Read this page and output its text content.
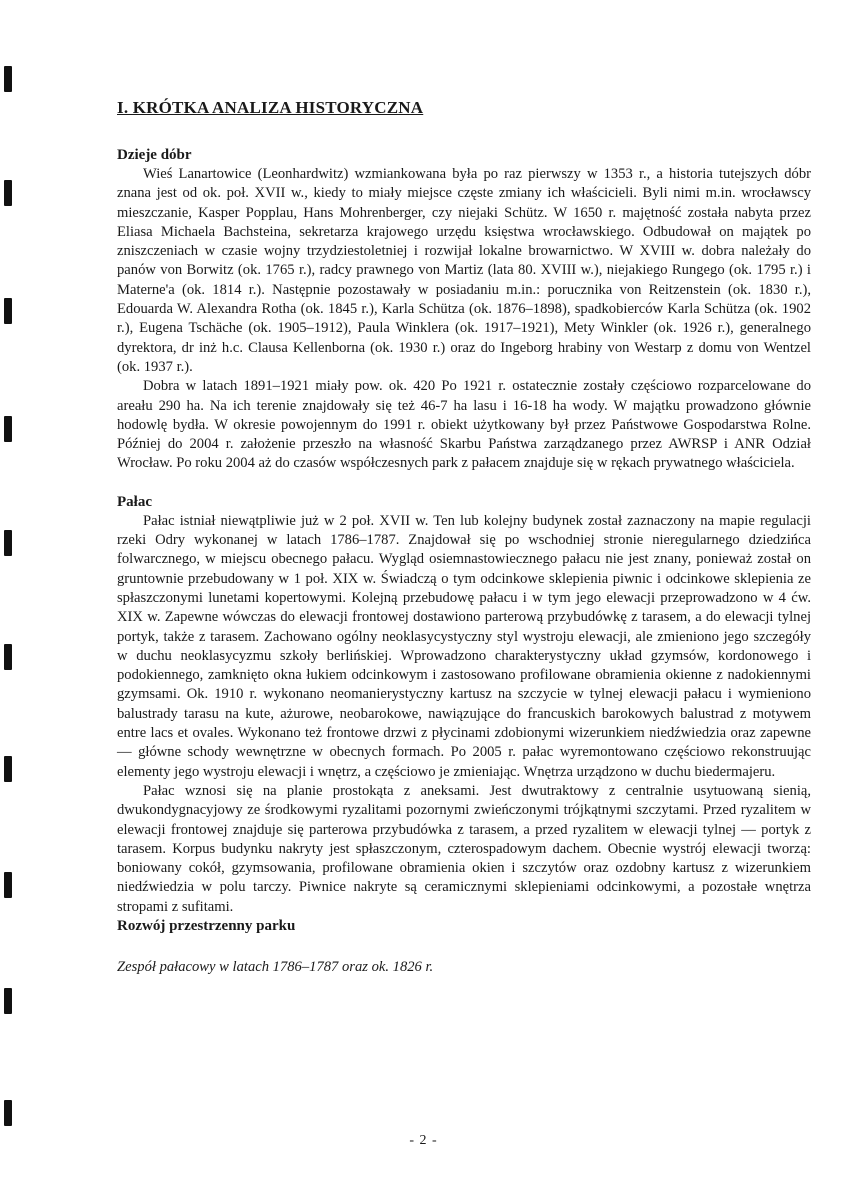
I. KRÓTKA ANALIZA HISTORYCZNA
Dzieje dóbr

Wieś Lanartowice (Leonhardwitz) wzmiankowana była po raz pierwszy w 1353 r., a historia tutejszych dóbr znana jest od ok. poł. XVII w., kiedy to miały miejsce częste zmiany ich właścicieli. Byli nimi m.in. wrocławscy mieszczanie, Kasper Popplau, Hans Mohrenberger, czy niejaki Schütz. W 1650 r. majętność została nabyta przez Eliasa Michaela Bachsteina, sekretarza krajowego urzędu księstwa wrocławskiego. Odbudował on majątek po zniszczeniach w czasie wojny trzydziestoletniej i rozwijał lokalne browarnictwo. W XVIII w. dobra należały do panów von Borwitz (ok. 1765 r.), radcy prawnego von Martiz (lata 80. XVIII w.), niejakiego Rungego (ok. 1795 r.) i Materne'a (ok. 1814 r.). Następnie pozostawały w posiadaniu m.in.: porucznika von Reitzenstein (ok. 1830 r.), Edouarda W. Alexandra Rotha (ok. 1845 r.), Karla Schütza (ok. 1876–1898), spadkobierców Karla Schütza (ok. 1902 r.), Eugena Tschäche (ok. 1905–1912), Paula Winklera (ok. 1917–1921), Mety Winkler (ok. 1926 r.), generalnego dyrektora, dr inż h.c. Clausa Kellenborna (ok. 1930 r.) oraz do Ingeborg hrabiny von Westarp z domu von Wentzel (ok. 1937 r.).

Dobra w latach 1891–1921 miały pow. ok. 420 Po 1921 r. ostatecznie zostały częściowo rozparcelowane do areału 290 ha. Na ich terenie znajdowały się też 46-7 ha lasu i 16-18 ha wody. W majątku prowadzono głównie hodowlę bydła. W okresie powojennym do 1991 r. obiekt użytkowany był przez Państwowe Gospodarstwa Rolne. Później do 2004 r. założenie przeszło na własność Skarbu Państwa zarządzanego przez AWRSP i ANR Odział Wrocław. Po roku 2004 aż do czasów współczesnych park z pałacem znajduje się w rękach prywatnego właściciela.

Pałac

Pałac istniał niewątpliwie już w 2 poł. XVII w. Ten lub kolejny budynek został zaznaczony na mapie regulacji rzeki Odry wykonanej w latach 1786–1787. Znajdował się po wschodniej stronie nieregularnego dziedzińca folwarcznego, w miejscu obecnego pałacu. Wygląd osiemnastowiecznego pałacu nie jest znany, ponieważ został on gruntownie przebudowany w 1 poł. XIX w. Świadczą o tym odcinkowe sklepienia piwnic i odcinkowe sklepienia ze spłaszczonymi lunetami kopertowymi. Kolejną przebudowę pałacu i w tym jego elewacji przeprowadzono w 4 ćw. XIX w. Zapewne wówczas do elewacji frontowej dostawiono parterową przybudówkę z tarasem, a do elewacji tylnej portyk, także z tarasem. Zachowano ogólny neoklasycystyczny styl wystroju elewacji, ale zmieniono jego szczegóły w duchu neoklasycyzmu szkoły berlińskiej. Wprowadzono charakterystyczny układ gzymsów, kordonowego i podokiennego, zamknięto okna łukiem odcinkowym i zastosowano profilowane obramienia okienne z nadokiennymi gzymsami. Ok. 1910 r. wykonano neomanierystyczny kartusz na szczycie w tylnej elewacji pałacu i wymieniono balustrady tarasu na kute, ażurowe, neobarokowe, nawiązujące do francuskich barokowych balustrad z motywem entre lacs et ovales. Wykonano też frontowe drzwi z płycinami zdobionymi wizerunkiem niedźwiedzia oraz zapewne — główne schody wewnętrzne w obecnych formach. Po 2005 r. pałac wyremontowano częściowo rekonstruując elementy jego wystroju elewacji i wnętrz, a częściowo je zmieniając. Wnętrza urządzono w duchu biedermajeru.

Pałac wznosi się na planie prostokąta z aneksami. Jest dwutraktowy z centralnie usytuowaną sienią, dwukondygnacyjowy ze środkowymi ryzalitami pozornymi zwieńczonymi trójkątnymi szczytami. Przed ryzalitem w elewacji frontowej znajduje się parterowa przybudówka z tarasem, a przed ryzalitem w elewacji tylnej — portyk z tarasem. Korpus budynku nakryty jest spłaszczonym, czterospadowym dachem. Obecnie wystrój elewacji tworzą: boniowany cokół, gzymsowania, profilowane obramienia okien i szczytów oraz ozdobny kartusz z wizerunkiem niedźwiedzia w polu tarczy. Piwnice nakryte są ceramicznymi sklepieniami odcinkowymi, a pozostałe wnętrza stropami z sufitami.

Rozwój przestrzenny parku
Zespół pałacowy w latach 1786–1787 oraz ok. 1826 r.
- 2 -
